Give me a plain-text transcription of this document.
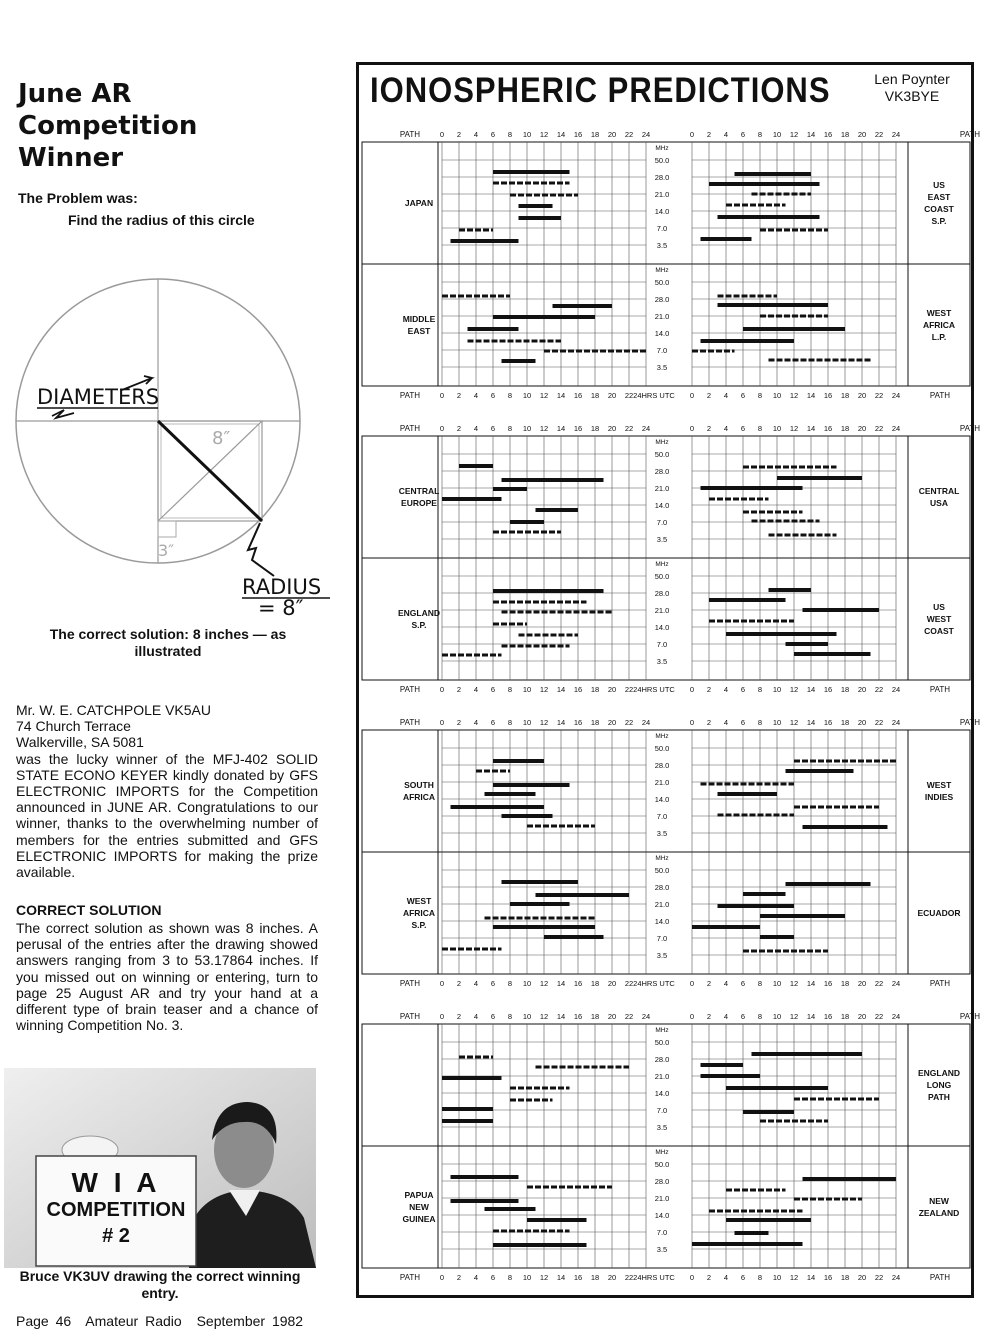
June AR
Competition
Winner
The Problem was:
Find the radius of this circle
8″
3″
DIAMETERS
RADIUS
= 8″
The correct solution: 8 inches — as illustrated
Mr. W. E. CATCHPOLE VK5AU
74 Church Terrace
Walkerville, SA 5081

was the lucky winner of the MFJ-402 SOLID STATE ECONO KEYER kindly donated by GFS ELECTRONIC IMPORTS for the Competition announced in JUNE AR. Congratulations to our winner, thanks to the overwhelming number of members for the entries submitted and GFS ELECTRONIC IMPORTS for making the prize available.

CORRECT SOLUTION

The correct solution as shown was 8 inches. A perusal of the entries after the drawing showed answers ranging from 3 to 53.17864 inches. If you missed out on winning or entering, turn to page 25 August AR and try your hand at a different type of brain teaser and a chance of winning Competition No. 3.

W I A
COMPETITION
# 2
Bruce VK3UV drawing the correct winning entry.
Page 46 Amateur Radio September 1982
IONOSPHERIC PREDICTIONS	Len Poynter
VK3BYE
PATH	PATH
0	0
2	2
4	4
6	6
8	8
10	10
12	12
14	14
16	16
18	18
20	20
22	22
24	24
MHz
50.0
28.0
21.0
14.0
7.0
3.5
JAPAN
US
EAST
COAST
S.P.
MHz
50.0
28.0
21.0
14.0
7.0
3.5
MIDDLE
EAST
WEST
AFRICA
L.P.
PATH	PATH
0	0
2	2
4	4
6	6
8	8
10	10
12	12
14	14
16	16
18	18
20	20
22	22 24
24HRS UTC
PATH	PATH
0	0
2	2
4	4
6	6
8	8
10	10
12	12
14	14
16	16
18	18
20	20
22	22
24	24
MHz
50.0
28.0
21.0
14.0
7.0
3.5
CENTRAL
EUROPE
CENTRAL
USA
MHz
50.0
28.0
21.0
14.0
7.0
3.5
ENGLAND
S.P.
US
WEST
COAST
PATH	PATH
0	0
2	2
4	4
6	6
8	8
10	10
12	12
14	14
16	16
18	18
20	20
22	22 24
24HRS UTC
PATH	PATH
0	0
2	2
4	4
6	6
8	8
10	10
12	12
14	14
16	16
18	18
20	20
22	22
24	24
MHz
50.0
28.0
21.0
14.0
7.0
3.5
SOUTH
AFRICA
WEST
INDIES
MHz
50.0
28.0
21.0
14.0
7.0
3.5
WEST
AFRICA
S.P.
ECUADOR
PATH	PATH
0	0
2	2
4	4
6	6
8	8
10	10
12	12
14	14
16	16
18	18
20	20
22	22 24
24HRS UTC
PATH	PATH
0	0
2	2
4	4
6	6
8	8
10	10
12	12
14	14
16	16
18	18
20	20
22	22
24	24
MHz
50.0
28.0
21.0
14.0
7.0
3.5
ENGLAND
LONG
PATH
MHz
50.0
28.0
21.0
14.0
7.0
3.5
PAPUA
NEW
GUINEA
NEW
ZEALAND
PATH	PATH
0	0
2	2
4	4
6	6
8	8
10	10
12	12
14	14
16	16
18	18
20	20
22	22 24
24HRS UTC
